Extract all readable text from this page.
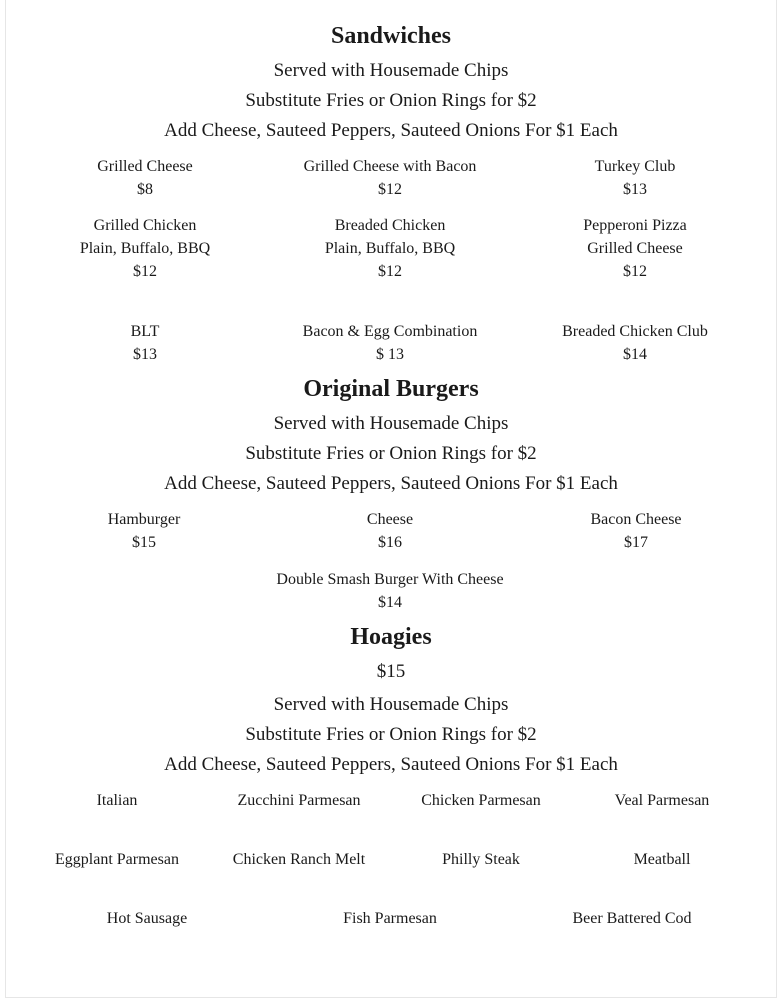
Sandwiches
Served with Housemade Chips
Substitute Fries or Onion Rings for $2
Add Cheese, Sauteed Peppers, Sauteed Onions For $1 Each
Grilled Cheese
$8
Grilled Cheese with Bacon
$12
Turkey Club
$13
Grilled Chicken
Plain, Buffalo, BBQ
$12
Breaded Chicken
Plain, Buffalo, BBQ
$12
Pepperoni Pizza
Grilled Cheese
$12
BLT
$13
Bacon & Egg Combination
$ 13
Breaded Chicken Club
$14
Original Burgers
Served with Housemade Chips
Substitute Fries or Onion Rings for $2
Add Cheese, Sauteed Peppers, Sauteed Onions For $1 Each
Hamburger
$15
Cheese
$16
Bacon Cheese
$17
Double Smash Burger With Cheese
$14
Hoagies
$15
Served with Housemade Chips
Substitute Fries or Onion Rings for $2
Add Cheese, Sauteed Peppers, Sauteed Onions For $1 Each
Italian	Zucchini Parmesan	Chicken Parmesan	Veal Parmesan
Eggplant Parmesan	Chicken Ranch Melt	Philly Steak	Meatball
Hot Sausage	Fish Parmesan	Beer Battered Cod
